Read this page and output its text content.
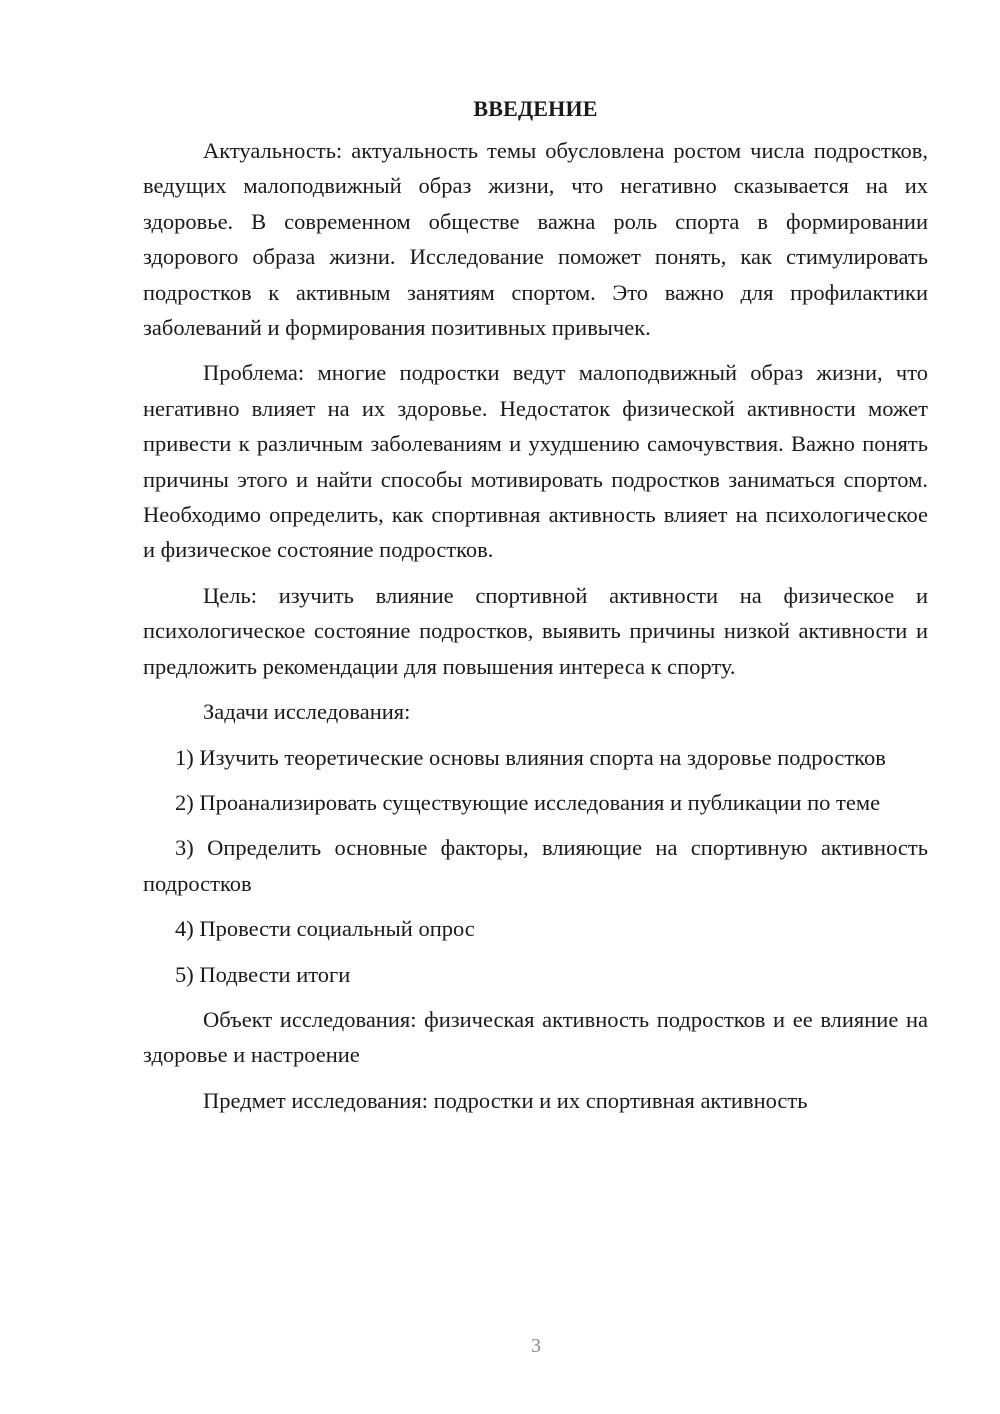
ВВЕДЕНИЕ

Актуальность: актуальность темы обусловлена ростом числа подростков, ведущих малоподвижный образ жизни, что негативно сказывается на их здоровье. В современном обществе важна роль спорта в формировании здорового образа жизни. Исследование поможет понять, как стимулировать подростков к активным занятиям спортом. Это важно для профилактики заболеваний и формирования позитивных привычек.

Проблема: многие подростки ведут малоподвижный образ жизни, что негативно влияет на их здоровье. Недостаток физической активности может привести к различным заболеваниям и ухудшению самочувствия. Важно понять причины этого и найти способы мотивировать подростков заниматься спортом. Необходимо определить, как спортивная активность влияет на психологическое и физическое состояние подростков.

Цель: изучить влияние спортивной активности на физическое и психологическое состояние подростков, выявить причины низкой активности и предложить рекомендации для повышения интереса к спорту.

Задачи исследования:

1) Изучить теоретические основы влияния спорта на здоровье подростков

2) Проанализировать существующие исследования и публикации по теме

3) Определить основные факторы, влияющие на спортивную активность подростков

4) Провести социальный опрос

5) Подвести итоги

Объект исследования: физическая активность подростков и ее влияние на здоровье и настроение

Предмет исследования: подростки и их спортивная активность

3
